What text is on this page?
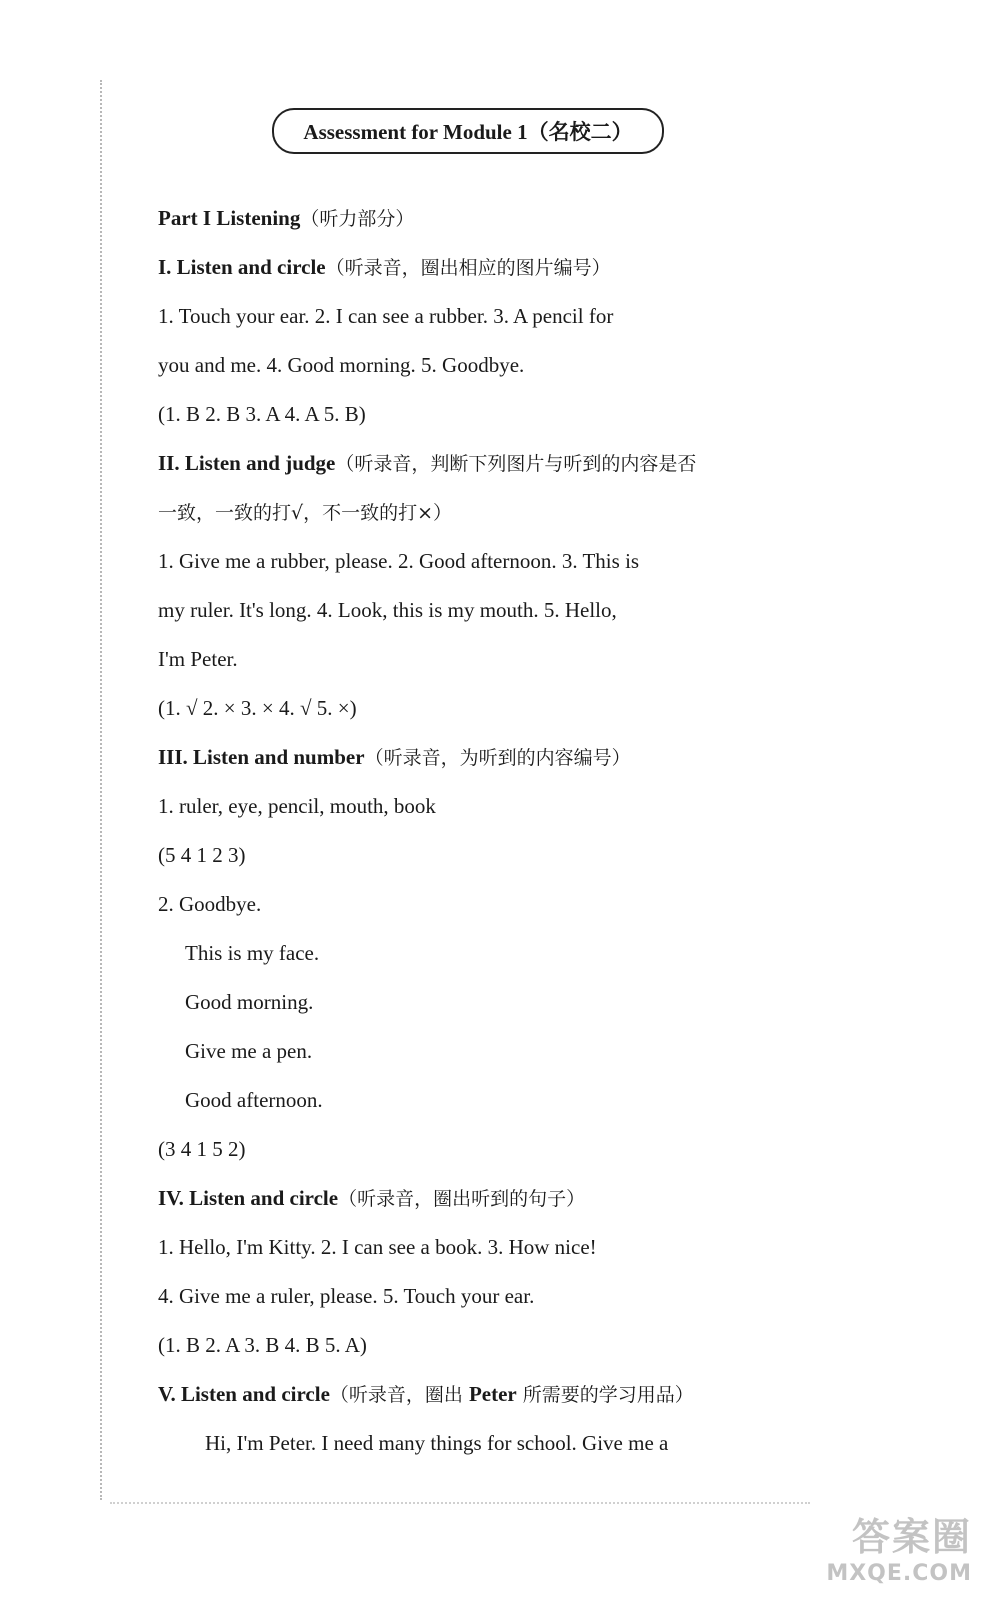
Assessment for Module 1（名校二）
Part I Listening（听力部分）
I. Listen and circle（听录音，圈出相应的图片编号）
1. Touch your ear. 2. I can see a rubber. 3. A pencil for
you and me. 4. Good morning. 5. Goodbye.
(1. B 2. B 3. A 4. A 5. B)
II. Listen and judge（听录音，判断下列图片与听到的内容是否
一致，一致的打√，不一致的打×）
1. Give me a rubber, please. 2. Good afternoon. 3. This is
my ruler. It's long. 4. Look, this is my mouth. 5. Hello,
I'm Peter.
(1. √ 2. × 3. × 4. √ 5. ×)
III. Listen and number（听录音，为听到的内容编号）
1. ruler, eye, pencil, mouth, book
(5 4 1 2 3)
2. Goodbye.
This is my face.
Good morning.
Give me a pen.
Good afternoon.
(3 4 1 5 2)
IV. Listen and circle（听录音，圈出听到的句子）
1. Hello, I'm Kitty. 2. I can see a book. 3. How nice!
4. Give me a ruler, please. 5. Touch your ear.
(1. B 2. A 3. B 4. B 5. A)
V. Listen and circle（听录音，圈出 Peter 所需要的学习用品）
Hi, I'm Peter. I need many things for school. Give me a
答案圈
MXQE.COM
